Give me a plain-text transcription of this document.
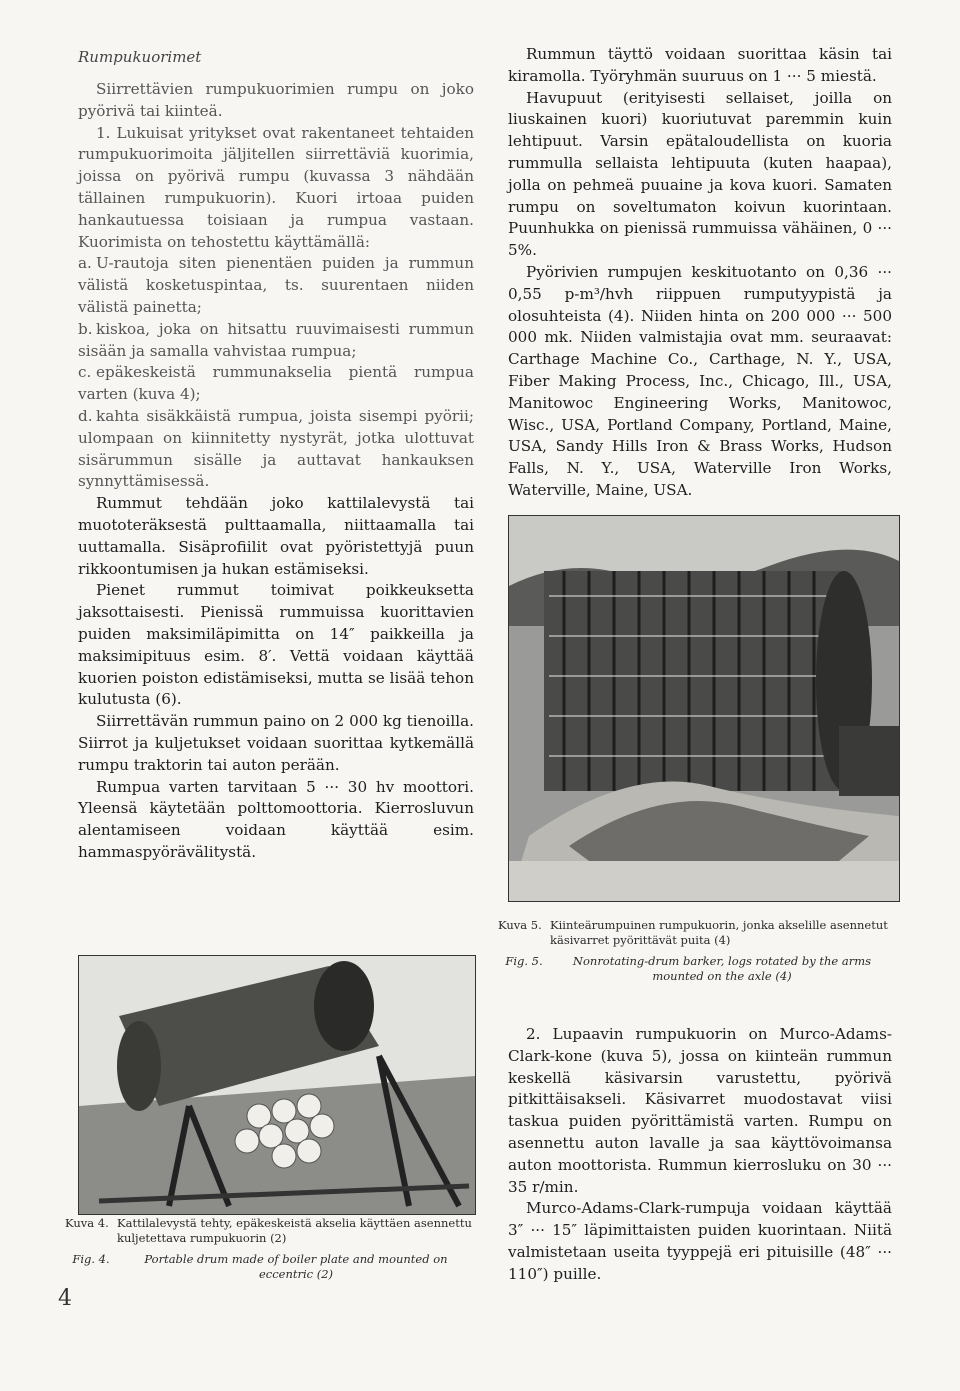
Rumpukuorimet

Siirrettävien rumpukuorimien rumpu on joko pyörivä tai kiinteä.

1. Lukuisat yritykset ovat rakentaneet tehtaiden rumpukuorimoita jäljitellen siirrettäviä kuorimia, joissa on pyörivä rumpu (kuvassa 3 nähdään tällainen rumpukuorin). Kuori irtoaa puiden hankautuessa toisiaan ja rumpua vastaan. Kuorimista on tehostettu käyttämällä:

a. U-rautoja siten pienentäen puiden ja rummun välistä kosketuspintaa, ts. suurentaen niiden välistä painetta;

b. kiskoa, joka on hitsattu ruuvimaisesti rummun sisään ja samalla vahvistaa rumpua;

c. epäkeskeistä rummunakselia pientä rumpua varten (kuva 4);

d. kahta sisäkkäistä rumpua, joista sisempi pyörii; ulompaan on kiinnitetty nystyrät, jotka ulottuvat sisärummun sisälle ja auttavat hankauksen synnyttämisessä.

Rummut tehdään joko kattilalevystä tai muototeräksestä pulttaamalla, niittaamalla tai uuttamalla. Sisäprofiilit ovat pyöristettyjä puun rikkoontumisen ja hukan estämiseksi.

Pienet rummut toimivat poikkeuksetta jaksottaisesti. Pienissä rummuissa kuorittavien puiden maksimiläpimitta on 14″ paikkeilla ja maksimipituus esim. 8′. Vettä voidaan käyttää kuorien poiston edistämiseksi, mutta se lisää tehon kulutusta (6).

Siirrettävän rummun paino on 2 000 kg tienoilla. Siirrot ja kuljetukset voidaan suorittaa kytkemällä rumpu traktorin tai auton perään.

Rumpua varten tarvitaan 5 ··· 30 hv moottori. Yleensä käytetään polttomoottoria. Kierrosluvun alentamiseen voidaan käyttää esim. hammaspyörävälitystä.

Rummun täyttö voidaan suorittaa käsin tai kiramolla. Työryhmän suuruus on 1 ··· 5 miestä.

Havupuut (erityisesti sellaiset, joilla on liuskainen kuori) kuoriutuvat paremmin kuin lehtipuut. Varsin epätaloudellista on kuoria rummulla sellaista lehtipuuta (kuten haapaa), jolla on pehmeä puuaine ja kova kuori. Samaten rumpu on soveltumaton koivun kuorintaan. Puunhukka on pienissä rummuissa vähäinen, 0 ··· 5%.

Pyörivien rumpujen keskituotanto on 0,36 ··· 0,55 p-m³/hvh riippuen rumputyypistä ja olosuhteista (4). Niiden hinta on 200 000 ··· 500 000 mk. Niiden valmistajia ovat mm. seuraavat: Carthage Machine Co., Carthage, N. Y., USA, Fiber Making Process, Inc., Chicago, Ill., USA, Manitowoc Engineering Works, Manitowoc, Wisc., USA, Portland Company, Portland, Maine, USA, Sandy Hills Iron & Brass Works, Hudson Falls, N. Y., USA, Waterville Iron Works, Waterville, Maine, USA.

Kuva 5. Kiinteärumpuinen rumpukuorin, jonka akselille asennetut käsivarret pyörittävät puita (4)
Fig. 5.	Nonrotating-drum barker, logs rotated by the arms

mounted on the axle (4)

Kuva 4. Kattilalevystä tehty, epäkeskeistä akselia käyttäen asennettu kuljetettava rumpukuorin (2)
Fig. 4.	Portable drum made of boiler plate and mounted on

eccentric (2)

2. Lupaavin rumpukuorin on Murco-Adams-Clark-kone (kuva 5), jossa on kiinteän rummun keskellä käsivarsin varustettu, pyörivä pitkittäisakseli. Käsivarret muodostavat viisi taskua puiden pyörittämistä varten. Rumpu on asennettu auton lavalle ja saa käyttövoimansa auton moottorista. Rummun kierrosluku on 30 ··· 35 r/min.

Murco-Adams-Clark-rumpuja voidaan käyttää 3″ ··· 15″ läpimittaisten puiden kuorintaan. Niitä valmistetaan useita tyyppejä eri pituisille (48″ ··· 110″) puille.

4
